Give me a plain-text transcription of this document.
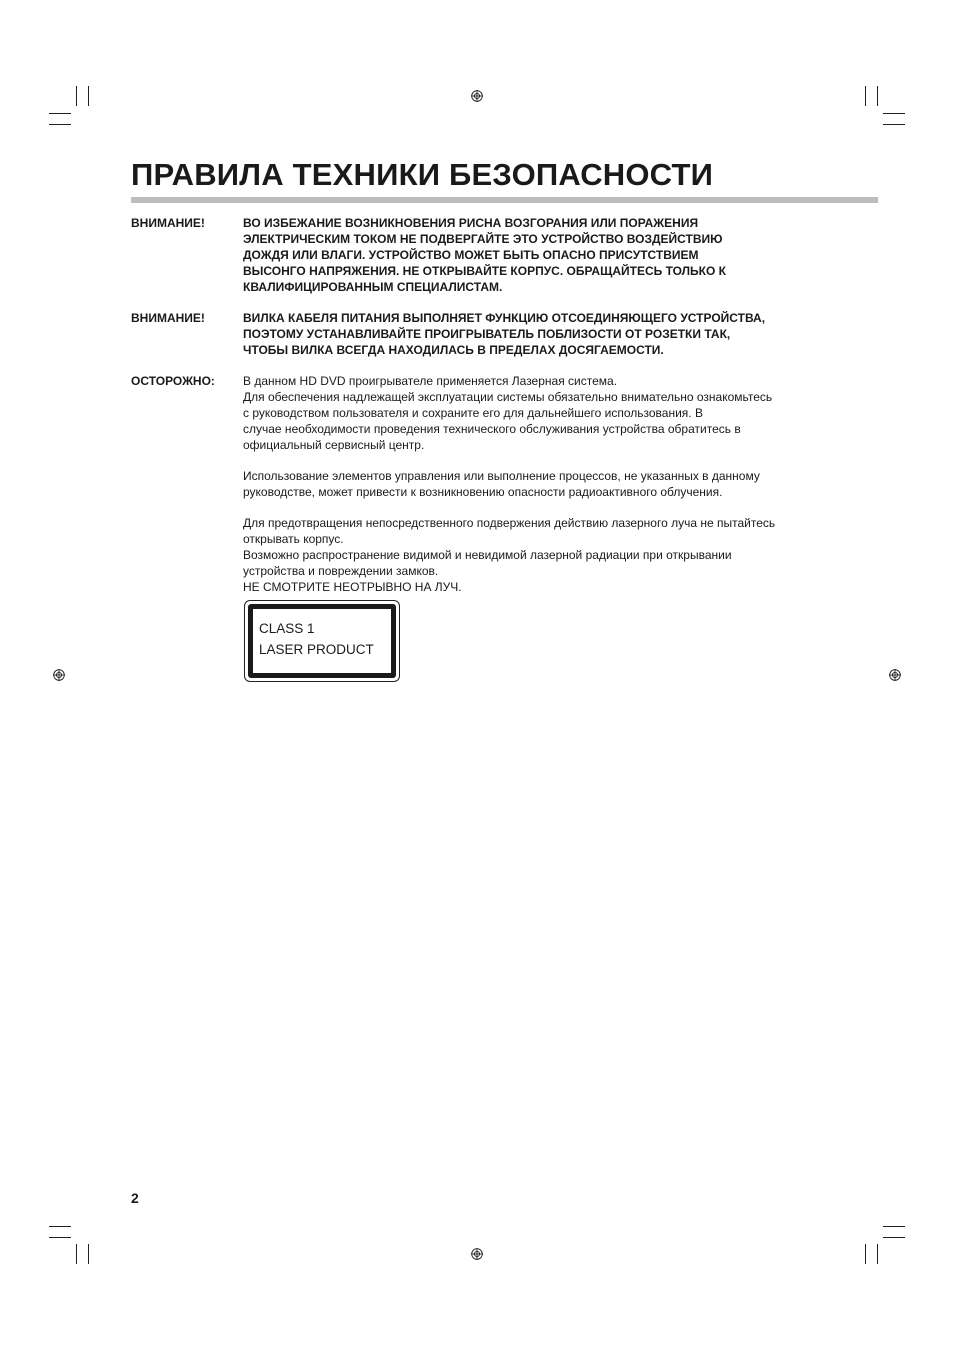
ПРАВИЛА ТЕХНИКИ БЕЗОПАСНОСТИ
ВНИМАНИЕ!	ВО ИЗБЕЖАНИЕ ВОЗНИКНОВЕНИЯ РИСНА ВОЗГОРАНИЯ ИЛИ ПОРАЖЕНИЯ

ЭЛЕКТРИЧЕСКИМ ТОКОМ НЕ ПОДВЕРГАЙТЕ ЭТО УСТРОЙСТВО ВОЗДЕЙСТВИЮ

ДОЖДЯ ИЛИ ВЛАГИ. УСТРОЙСТВО МОЖЕТ БЫТЬ ОПАСНО ПРИСУТСТВИЕМ

ВЫСОНГО НАПРЯЖЕНИЯ. НЕ ОТКРЫВАЙТЕ КОРПУС. ОБРАЩАЙТЕСЬ ТОЛЬКО К

КВАЛИФИЦИРОВАННЫМ СПЕЦИАЛИСТАМ.

ВНИМАНИЕ!	ВИЛКА КАБЕЛЯ ПИТАНИЯ ВЫПОЛНЯЕТ ФУНКЦИЮ ОТСОЕДИНЯЮЩЕГО УСТРОЙСТВА,

ПОЭТОМУ УСТАНАВЛИВАЙТЕ ПРОИГРЫВАТЕЛЬ ПОБЛИЗОСТИ ОТ РОЗЕТКИ ТАК,

ЧТОБЫ ВИЛКА ВСЕГДА НАХОДИЛАСЬ В ПРЕДЕЛАХ ДОСЯГАЕМОСТИ.

ОСТОРОЖНО: В данном HD DVD проигрывателе применяется Лазерная система.

Для обеспечения надлежащей эксплуатации системы обязательно внимательно ознакомьтесь

с руководством пользователя и сохраните его для дальнейшего использования. В

случае необходимости проведения технического обслуживания устройства обратитесь в

официальный сервисный центр.

Использование элементов управления или выполнение процессов, не указанных в данному

руководстве, может привести к возникновению опасности радиоактивного облучения.

Для предотвращения непосредственного подвержения действию лазерного луча не пытайтесь

открывать корпус.

Возможно распространение видимой и невидимой лазерной радиации при открывании

устройства и повреждении замков.

НЕ СМОТРИТЕ НЕОТРЫВНО НА ЛУЧ.

CLASS 1
LASER PRODUCT
2
